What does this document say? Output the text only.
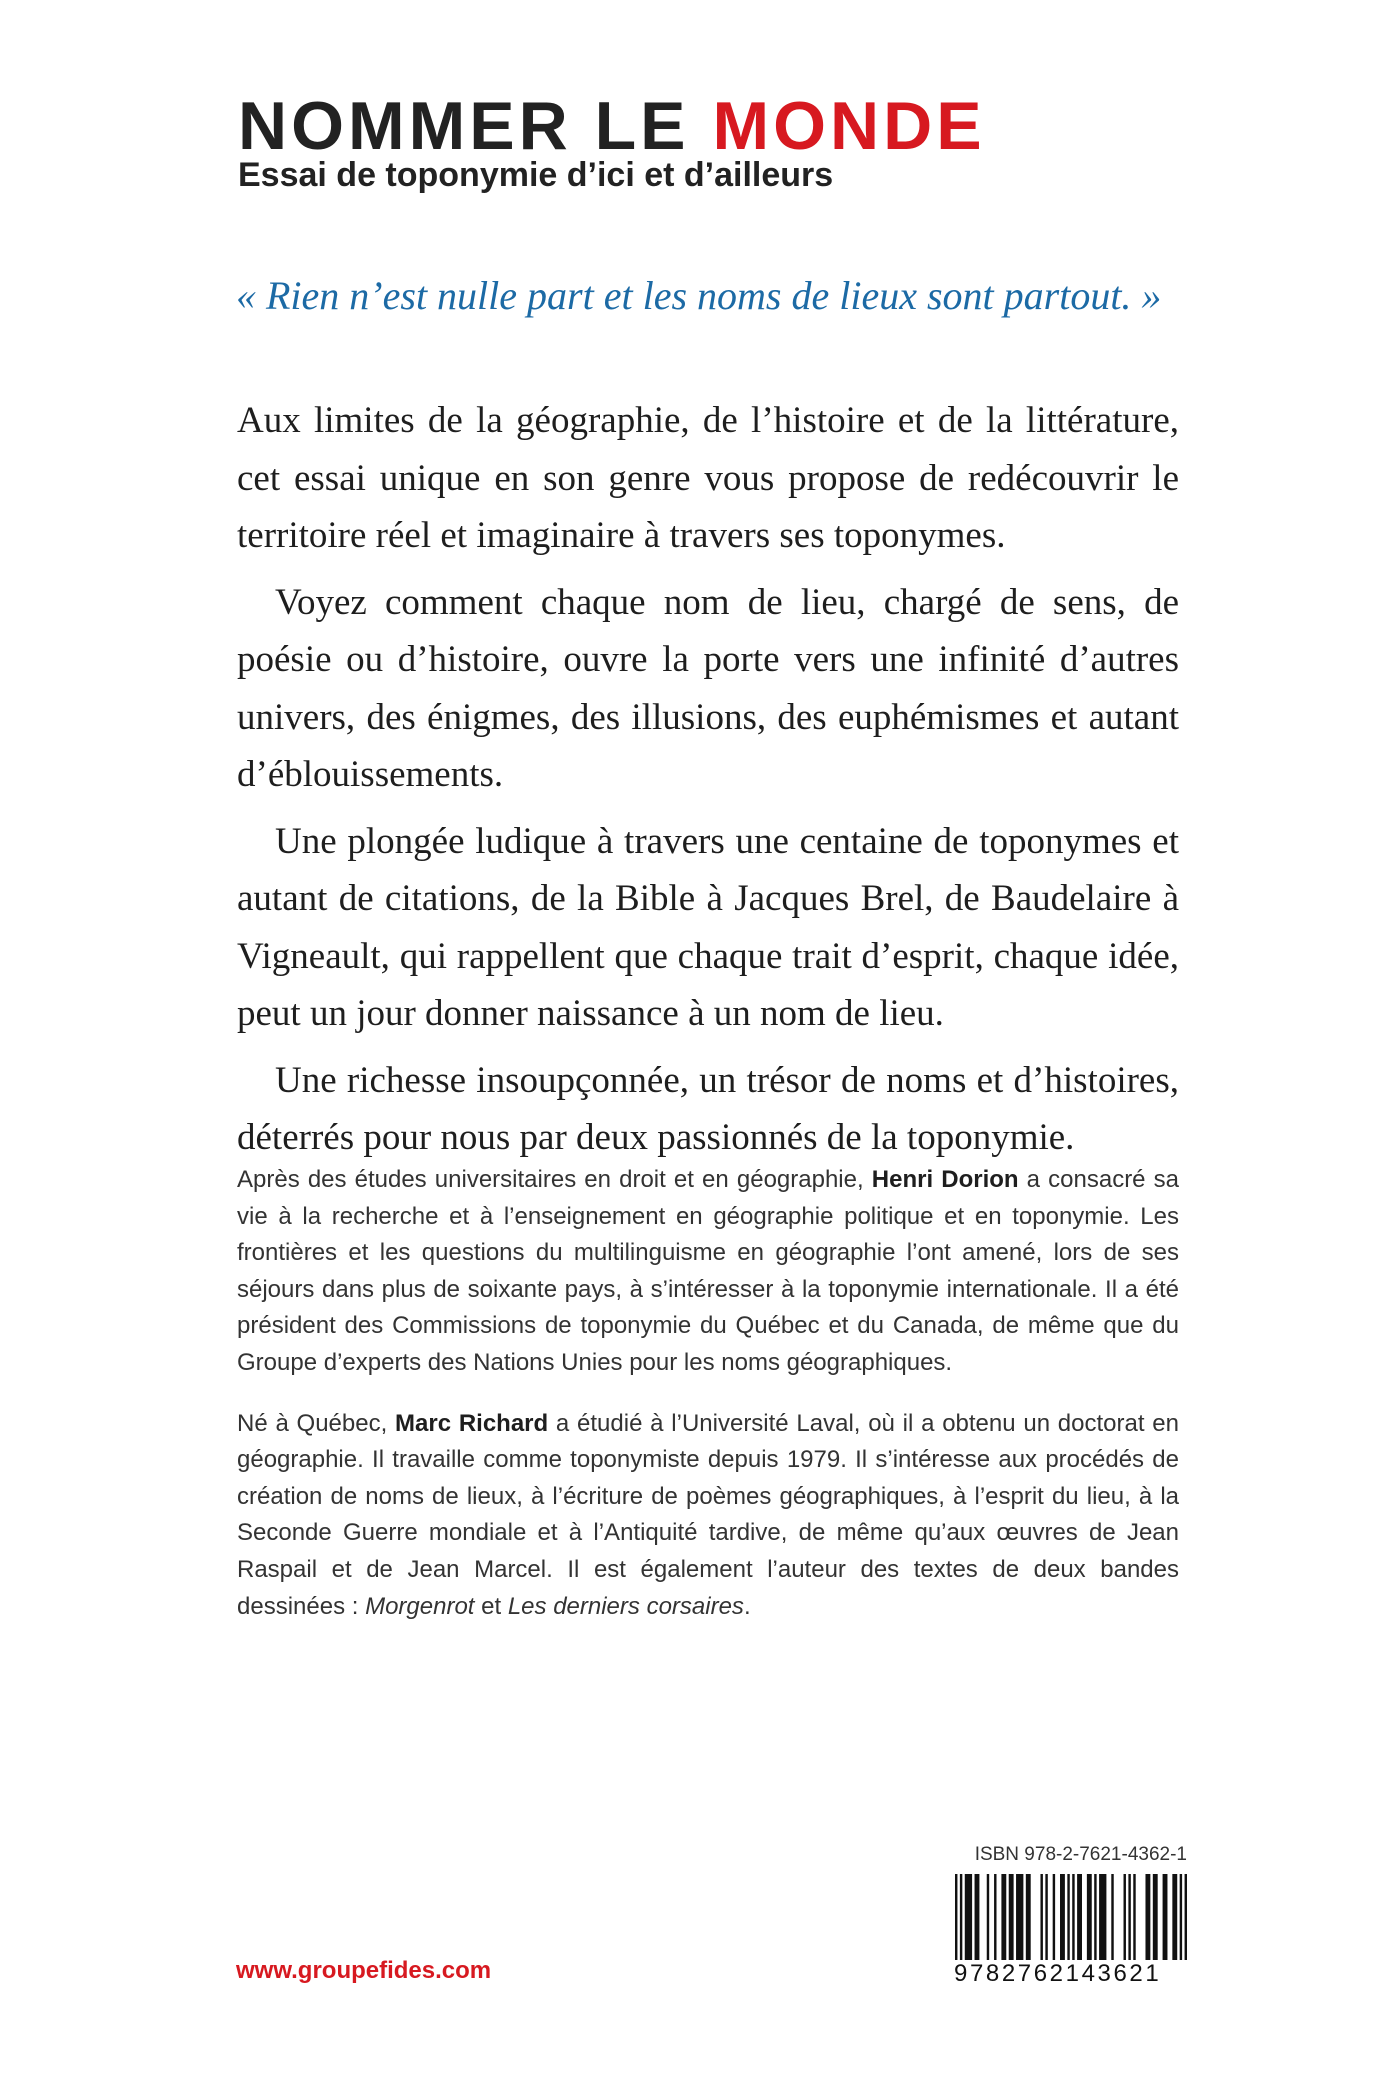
NOMMER LE MONDE
Essai de toponymie d’ici et d’ailleurs
« Rien n’est nulle part et les noms de lieux sont partout. »

Aux limites de la géographie, de l’histoire et de la littérature, cet essai unique en son genre vous propose de redécouvrir le territoire réel et imaginaire à travers ses toponymes.

Voyez comment chaque nom de lieu, chargé de sens, de poésie ou d’histoire, ouvre la porte vers une infinité d’autres univers, des énigmes, des illusions, des euphémismes et autant d’éblouissements.

Une plongée ludique à travers une centaine de toponymes et autant de citations, de la Bible à Jacques Brel, de Baudelaire à Vigneault, qui rappellent que chaque trait d’esprit, chaque idée, peut un jour donner naissance à un nom de lieu.

Une richesse insoupçonnée, un trésor de noms et d’histoires, déterrés pour nous par deux passionnés de la toponymie.

Après des études universitaires en droit et en géographie, Henri Dorion a consacré sa vie à la recherche et à l’enseignement en géographie politique et en toponymie. Les frontières et les questions du multilinguisme en géographie l’ont amené, lors de ses séjours dans plus de soixante pays, à s’intéresser à la toponymie internationale. Il a été président des Commissions de toponymie du Québec et du Canada, de même que du Groupe d’experts des Nations Unies pour les noms géographiques.

Né à Québec, Marc Richard a étudié à l’Université Laval, où il a obtenu un doctorat en géographie. Il travaille comme toponymiste depuis 1979. Il s’intéresse aux procédés de création de noms de lieux, à l’écriture de poèmes géographiques, à l’esprit du lieu, à la Seconde Guerre mondiale et à l’Antiquité tardive, de même qu’aux œuvres de Jean Raspail et de Jean Marcel. Il est également l’auteur des textes de deux bandes dessinées : Morgenrot et Les derniers corsaires.

www.groupefides.com
ISBN 978-2-7621-4362-1
9782762143621
